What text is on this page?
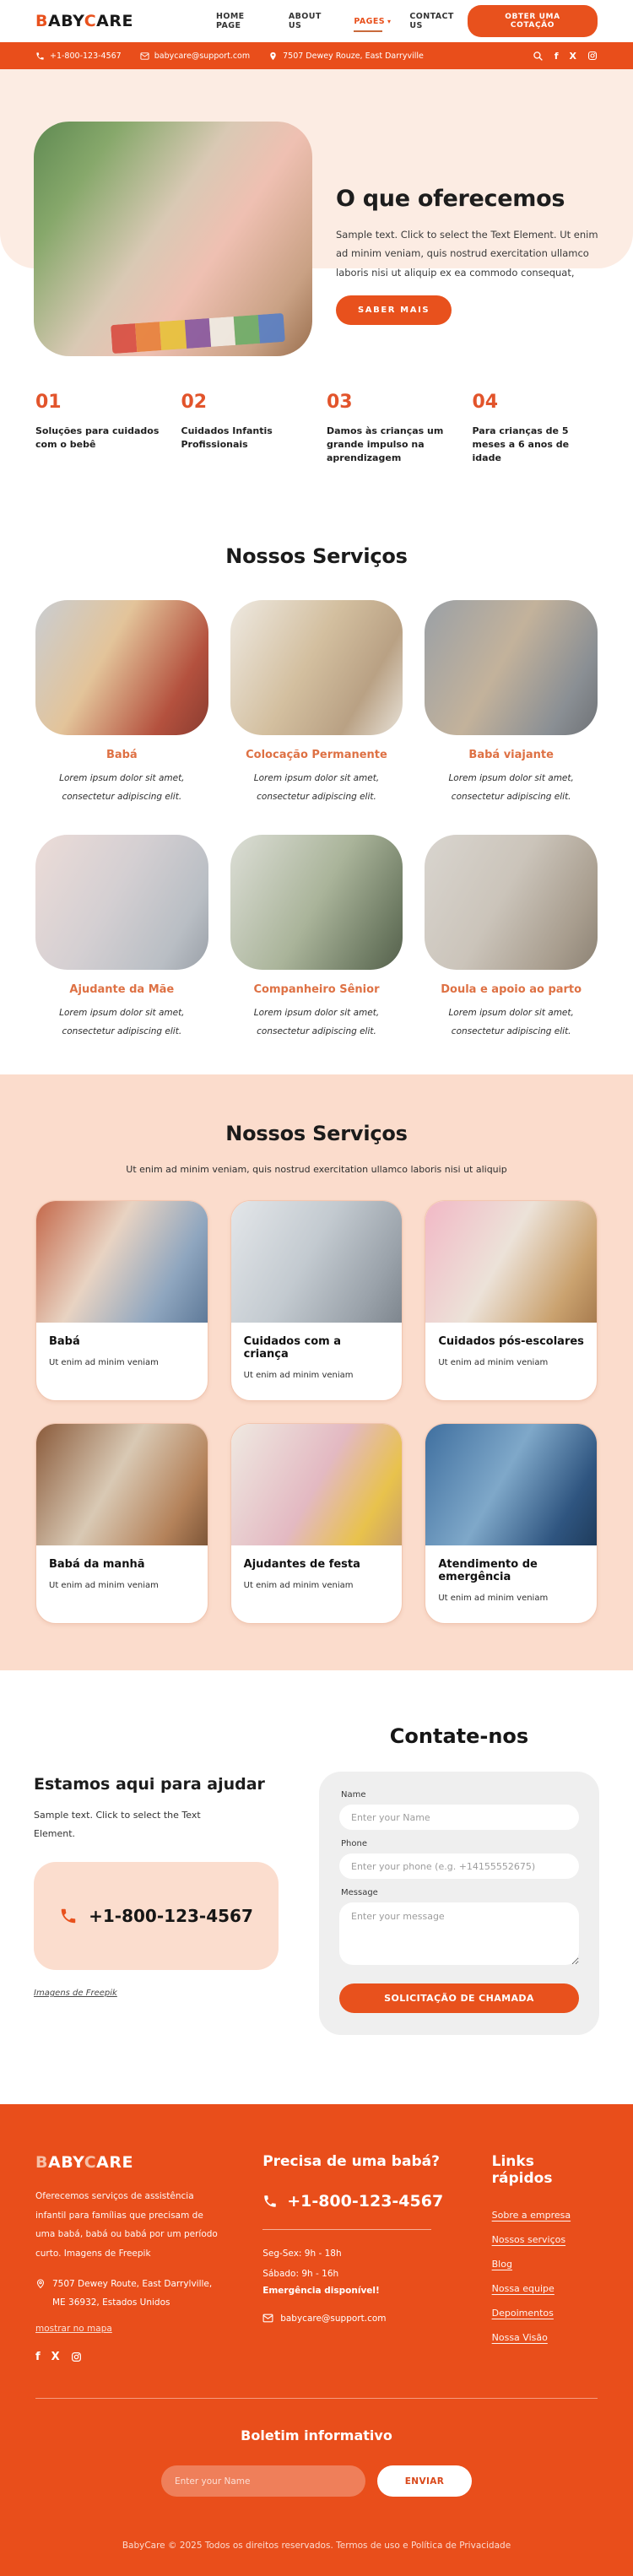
BABYCARE	HOME PAGE
ABOUT US	PAGES ▾ CONTACT US
OBTER UMA COTAÇÃO
+1-800-123-4567	babycare@support.com	7507 Dewey Rouze, East Darryville	f X
O que oferecemos
Sample text. Click to select the Text Element. Ut enim ad minim veniam, quis nostrud exercitation ullamco laboris nisi ut aliquip ex ea commodo consequat,
SABER MAIS
01
Soluções para cuidados com o bebê
02
Cuidados Infantis Profissionais
03
Damos às crianças um grande impulso na aprendizagem
04
Para crianças de 5 meses a 6 anos de idade
Nossos Serviços
Babá
Lorem ipsum dolor sit amet, consectetur adipiscing elit.
Colocação Permanente
Lorem ipsum dolor sit amet, consectetur adipiscing elit.
Babá viajante
Lorem ipsum dolor sit amet, consectetur adipiscing elit.
Ajudante da Mãe
Lorem ipsum dolor sit amet, consectetur adipiscing elit.
Companheiro Sênior
Lorem ipsum dolor sit amet, consectetur adipiscing elit.
Doula e apoio ao parto
Lorem ipsum dolor sit amet, consectetur adipiscing elit.
Nossos Serviços
Ut enim ad minim veniam, quis nostrud exercitation ullamco laboris nisi ut aliquip
Babá
Ut enim ad minim veniam
Cuidados com a criança
Ut enim ad minim veniam
Cuidados pós-escolares
Ut enim ad minim veniam
Babá da manhã
Ut enim ad minim veniam
Ajudantes de festa
Ut enim ad minim veniam
Atendimento de emergência
Ut enim ad minim veniam
Estamos aqui para ajudar
Sample text. Click to select the Text Element.
+1-800-123-4567
Imagens de Freepik
Contate-nos
Name
Enter your Name
Phone
Enter your phone (e.g. +14155552675)
Message
Enter your message SOLICITAÇÃO DE CHAMADA
BABYCARE
Oferecemos serviços de assistência infantil para famílias que precisam de uma babá, babá ou babá por um período curto. Imagens de Freepik
7507 Dewey Route, East Darrylville,
ME 36932, Estados Unidos
mostrar no mapa
f X
Precisa de uma babá?
+1-800-123-4567
Seg-Sex: 9h - 18h
Sábado: 9h - 16h
Emergência disponível!
babycare@support.com
Links rápidos
Sobre a empresa
Nossos serviços
Blog
Nossa equipe
Depoimentos
Nossa Visão
Boletim informativo
Enter your Name
ENVIAR
BabyCare © 2025 Todos os direitos reservados. Termos de uso e Política de Privacidade
